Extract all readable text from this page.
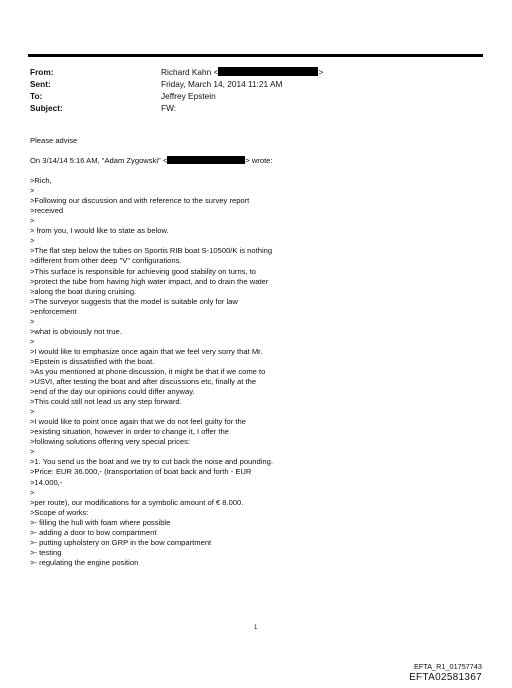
From:	Richard Kahn <	>
Sent:	Friday, March 14, 2014 11:21 AM
To:	Jeffrey Epstein
Subject:	FW:
Please advise
On 3/14/14 5:16 AM, "Adam Zygowski" <	> wrote:
>Rich,
>
>Following our discussion and with reference to the survey report
>received
>
> from you, I would like to state as below.
>
>The flat step below the tubes on Sportis RIB boat S-10500/K is nothing
>different from other deep "V" configurations.
>This surface is responsible for achieving good stability on turns, to
>protect the tube from having high water impact, and to drain the water
>along the boat during cruising.
>The surveyor suggests that the model is suitable only for law
>enforcement
>
>what is obviously not true.
>
>I would like to emphasize once again that we feel very sorry that Mr.
>Epstein is dissatisfied with the boat.
>As you mentioned at phone discussion, it might be that if we come to
>USVI, after testing the boat and after discussions etc, finally at the
>end of the day our opinions could differ anyway.
>This could still not lead us any step forward.
>
>I would like to point once again that we do not feel guilty for the
>existing situation, however in order to change it, I offer the
>following solutions offering very special prices:
>
>1. You send us the boat and we try to cut back the noise and pounding.
>Price: EUR 36.000,- (transportation of boat back and forth - EUR
>14.000,-
>
>per route), our modifications for a symbolic amount of € 8.000.
>Scope of works:
>- filling the hull with foam where possible
>- adding a door to bow compartment
>- putting upholstery on GRP in the bow compartment
>- testing
>- regulating the engine position
1
EFTA_R1_01757743
EFTA02581367
